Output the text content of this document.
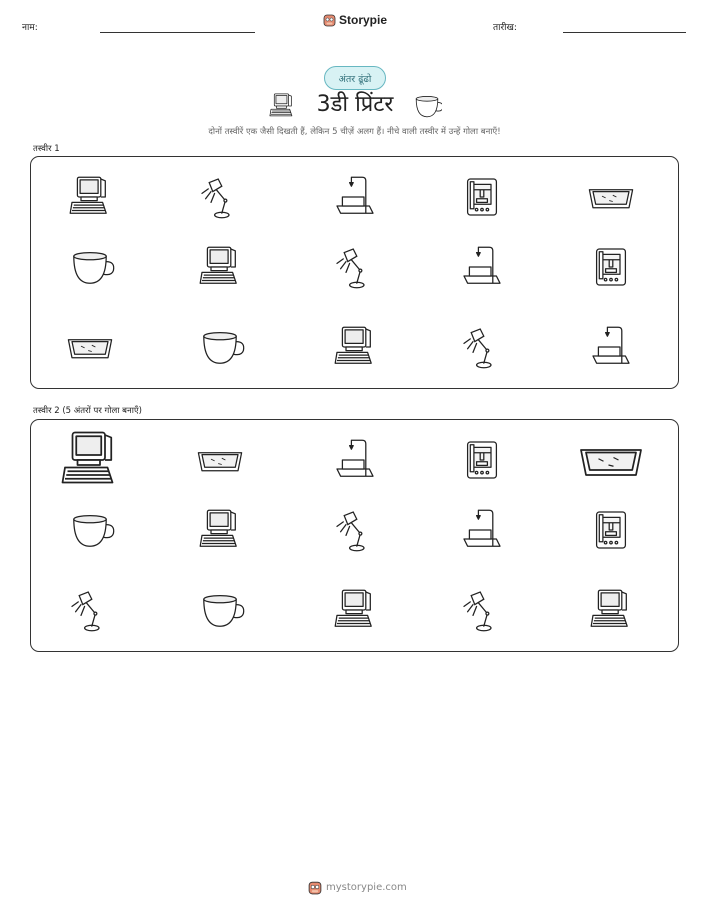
नाम:
Storypie
तारीख:
अंतर ढूंढो
3डी प्रिंटर
दोनों तस्वीरें एक जैसी दिखती हैं, लेकिन 5 चीज़ें अलग हैं। नीचे वाली तस्वीर में उन्हें गोला बनाएँ!
तस्वीर 1
तस्वीर 2 (5 अंतरों पर गोला बनाएँ)
mystorypie.com
